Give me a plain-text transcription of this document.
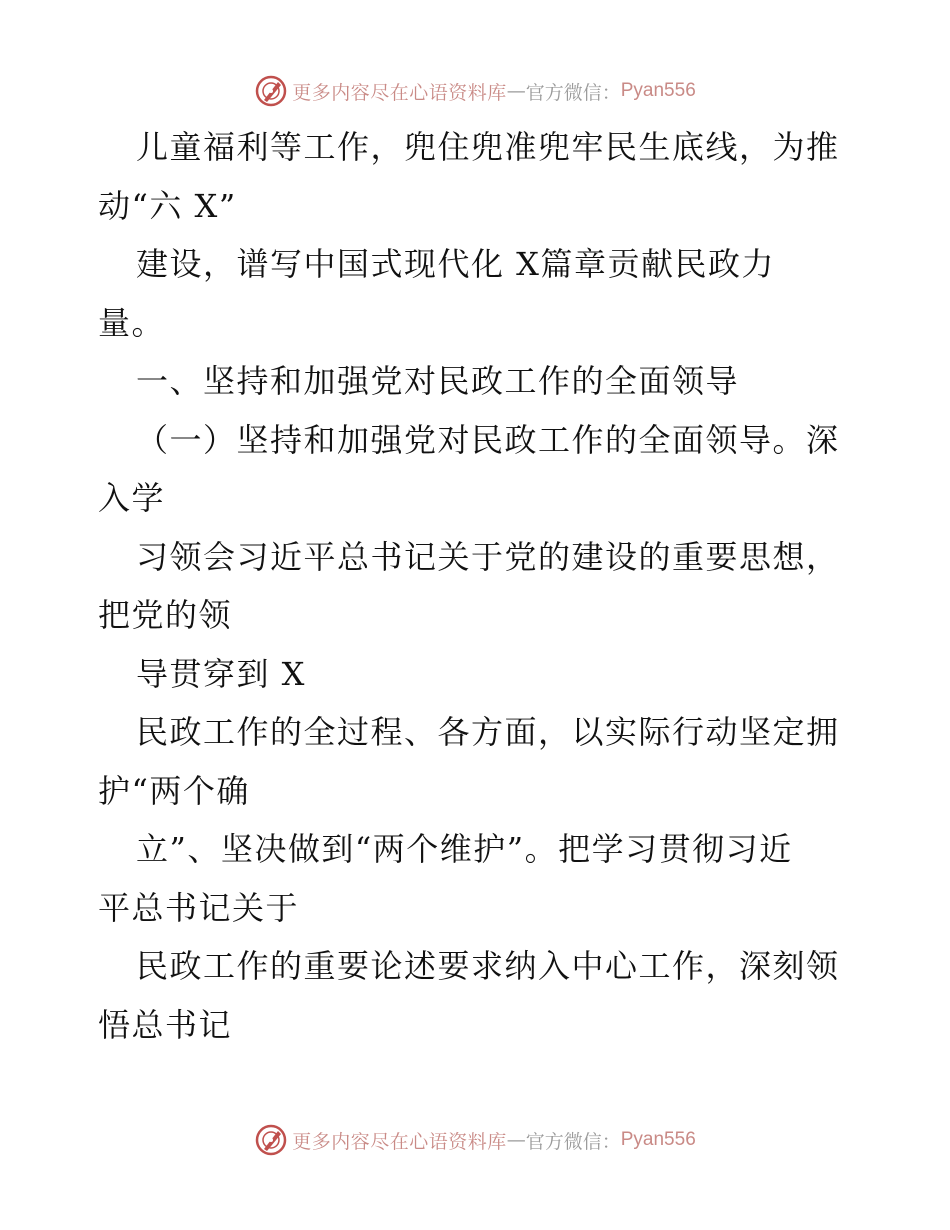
更多内容尽在心语资料库 — 官方微信： Pyan556
儿童福利等工作，兜住兜准兜牢民生底线，为推
动“六 X”
建设，谱写中国式现代化 X篇章贡献民政力
量。
一、坚持和加强党对民政工作的全面领导
（一）坚持和加强党对民政工作的全面领导。深
入学
习领会习近平总书记关于党的建设的重要思想，
把党的领
导贯穿到 X
民政工作的全过程、各方面，以实际行动坚定拥
护“两个确
立”、坚决做到“两个维护”。把学习贯彻习近
平总书记关于
民政工作的重要论述要求纳入中心工作，深刻领
悟总书记
更多内容尽在心语资料库 — 官方微信： Pyan556
